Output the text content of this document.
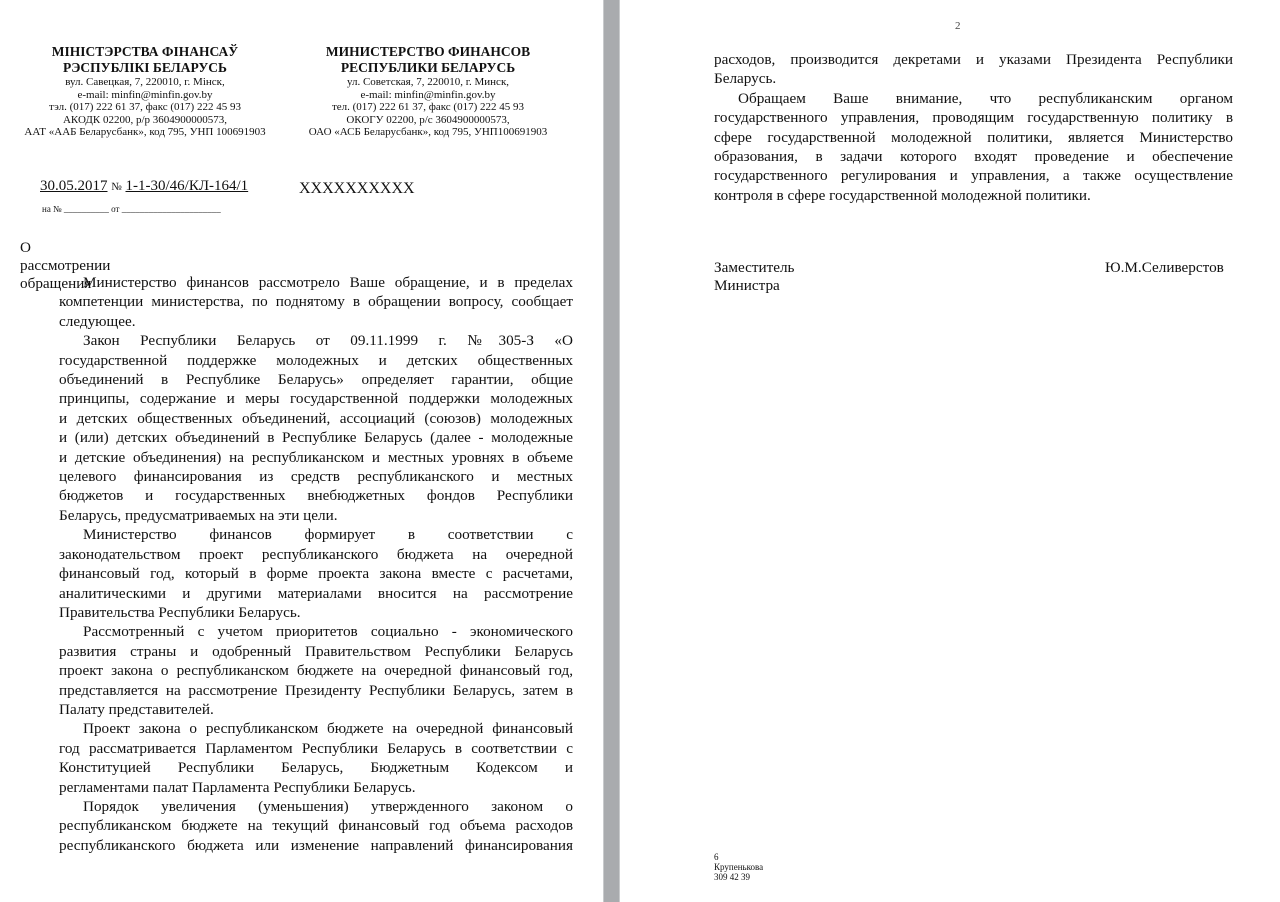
МІНІСТЭРСТВА ФІНАНСАЎ
РЭСПУБЛІКІ БЕЛАРУСЬ
вул. Савецкая, 7, 220010, г. Мінск,
e-mail: minfin@minfin.gov.by
тэл. (017) 222 61 37, факс (017) 222 45 93
АКОДК 02200, р/р 3604900000573,
ААТ «ААБ Беларусбанк», код 795, УНП 100691903
МИНИСТЕРСТВО ФИНАНСОВ
РЕСПУБЛИКИ БЕЛАРУСЬ
ул. Советская, 7, 220010, г. Минск,
e-mail: minfin@minfin.gov.by
тел. (017) 222 61 37, факс (017) 222 45 93
ОКОГУ 02200, р/с 3604900000573,
ОАО «АСБ Беларусбанк», код 795, УНП100691903
30.05.2017 № 1-1-30/46/КЛ-164/1
на № __________ от ______________________
XXXXXXXXXX
О рассмотрении обращения
Министерство финансов рассмотрело Ваше обращение, и в пределах
компетенции министерства, по поднятому в обращении вопросу, сообщает
следующее.
Закон Республики Беларусь от 09.11.1999 г. №305-З «О
государственной поддержке молодежных и детских общественных
объединений в Республике Беларусь» определяет гарантии, общие
принципы, содержание и меры государственной поддержки молодежных
и детских общественных объединений, ассоциаций (союзов) молодежных
и (или) детских объединений в Республике Беларусь (далее - молодежные
и детские объединения) на республиканском и местных уровнях в объеме
целевого финансирования из средств республиканского и местных
бюджетов и государственных внебюджетных фондов Республики
Беларусь, предусматриваемых на эти цели.
Министерство финансов формирует в соответствии с
законодательством проект республиканского бюджета на очередной
финансовый год, который в форме проекта закона вместе с расчетами,
аналитическими и другими материалами вносится на рассмотрение
Правительства Республики Беларусь.
Рассмотренный с учетом приоритетов социально - экономического
развития страны и одобренный Правительством Республики Беларусь
проект закона о республиканском бюджете на очередной финансовый год,
представляется на рассмотрение Президенту Республики Беларусь, затем в
Палату представителей.
Проект закона о республиканском бюджете на очередной финансовый
год рассматривается Парламентом Республики Беларусь в соответствии с
Конституцией Республики Беларусь, Бюджетным Кодексом и
регламентами палат Парламента Республики Беларусь.
Порядок увеличения (уменьшения) утвержденного законом о
республиканском бюджете на текущий финансовый год объема расходов
республиканского бюджета или изменение направлений финансирования
2
расходов, производится декретами и указами Президента Республики
Беларусь.
Обращаем Ваше внимание, что республиканским органом
государственного управления, проводящим государственную политику в
сфере государственной молодежной политики, является Министерство
образования, в задачи которого входят проведение и обеспечение
государственного регулирования и управления, а также осуществление
контроля в сфере государственной молодежной политики.
Заместитель Министра
Ю.М.Селиверстов
6 Крупенькова 309 42 39
